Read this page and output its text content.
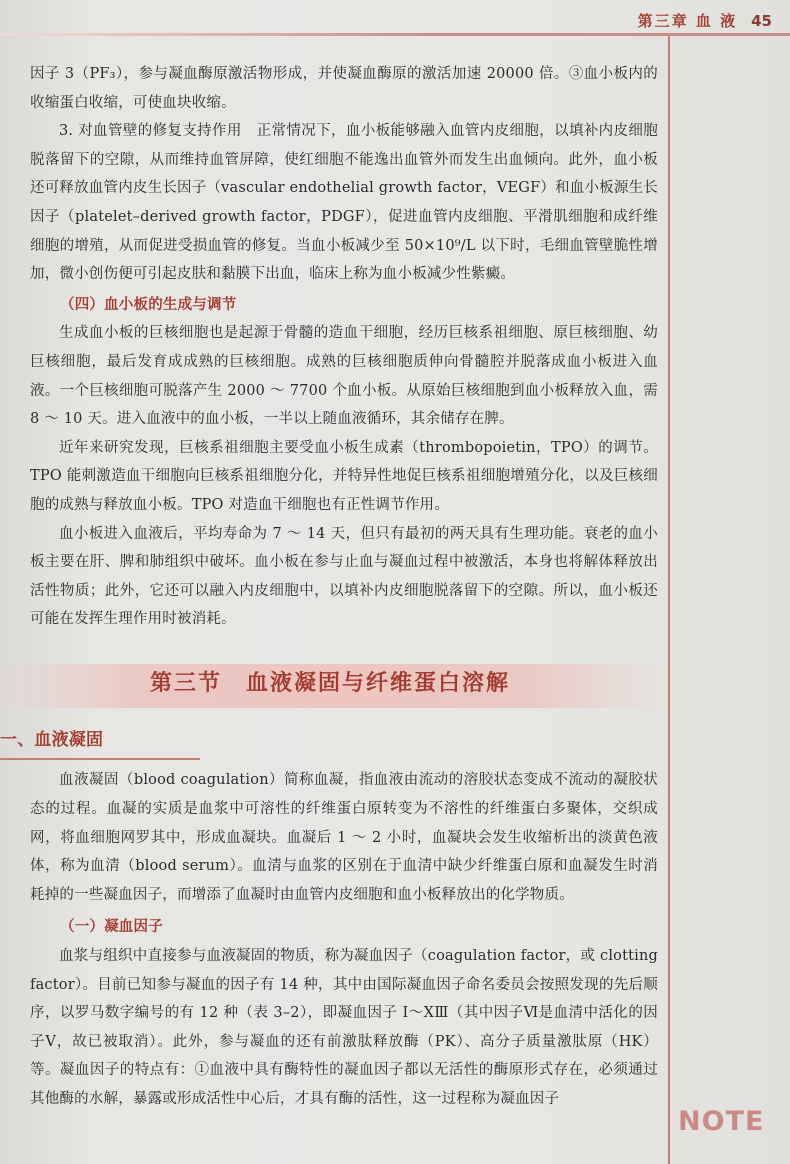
第三章 血 液 45

因子 3（PF₃），参与凝血酶原激活物形成，并使凝血酶原的激活加速 20000 倍。③血小板内的收缩蛋白收缩，可使血块收缩。

3. 对血管壁的修复支持作用　正常情况下，血小板能够融入血管内皮细胞，以填补内皮细胞脱落留下的空隙，从而维持血管屏障，使红细胞不能逸出血管外而发生出血倾向。此外，血小板还可释放血管内皮生长因子（vascular endothelial growth factor，VEGF）和血小板源生长因子（platelet–derived growth factor，PDGF），促进血管内皮细胞、平滑肌细胞和成纤维细胞的增殖，从而促进受损血管的修复。当血小板减少至 50×10⁹/L 以下时，毛细血管壁脆性增加，微小创伤便可引起皮肤和黏膜下出血，临床上称为血小板减少性紫癜。

（四）血小板的生成与调节

生成血小板的巨核细胞也是起源于骨髓的造血干细胞，经历巨核系祖细胞、原巨核细胞、幼巨核细胞，最后发育成成熟的巨核细胞。成熟的巨核细胞质伸向骨髓腔并脱落成血小板进入血液。一个巨核细胞可脱落产生 2000 ～ 7700 个血小板。从原始巨核细胞到血小板释放入血，需 8 ～ 10 天。进入血液中的血小板，一半以上随血液循环，其余储存在脾。

近年来研究发现，巨核系祖细胞主要受血小板生成素（thrombopoietin，TPO）的调节。TPO 能刺激造血干细胞向巨核系祖细胞分化，并特异性地促巨核系祖细胞增殖分化，以及巨核细胞的成熟与释放血小板。TPO 对造血干细胞也有正性调节作用。

血小板进入血液后，平均寿命为 7 ～ 14 天，但只有最初的两天具有生理功能。衰老的血小板主要在肝、脾和肺组织中破坏。血小板在参与止血与凝血过程中被激活，本身也将解体释放出活性物质；此外，它还可以融入内皮细胞中，以填补内皮细胞脱落留下的空隙。所以，血小板还可能在发挥生理作用时被消耗。

第三节　血液凝固与纤维蛋白溶解
一、血液凝固

血液凝固（blood coagulation）简称血凝，指血液由流动的溶胶状态变成不流动的凝胶状态的过程。血凝的实质是血浆中可溶性的纤维蛋白原转变为不溶性的纤维蛋白多聚体，交织成网，将血细胞网罗其中，形成血凝块。血凝后 1 ～ 2 小时，血凝块会发生收缩析出的淡黄色液体，称为血清（blood serum）。血清与血浆的区别在于血清中缺少纤维蛋白原和血凝发生时消耗掉的一些凝血因子，而增添了血凝时由血管内皮细胞和血小板释放出的化学物质。

（一）凝血因子

血浆与组织中直接参与血液凝固的物质，称为凝血因子（coagulation factor，或 clotting factor）。目前已知参与凝血的因子有 14 种，其中由国际凝血因子命名委员会按照发现的先后顺序，以罗马数字编号的有 12 种（表 3–2），即凝血因子 Ⅰ～ⅩⅢ（其中因子Ⅵ是血清中活化的因子Ⅴ，故已被取消）。此外，参与凝血的还有前激肽释放酶（PK）、高分子质量激肽原（HK）等。凝血因子的特点有：①血液中具有酶特性的凝血因子都以无活性的酶原形式存在，必须通过其他酶的水解，暴露或形成活性中心后，才具有酶的活性，这一过程称为凝血因子

NOTE
